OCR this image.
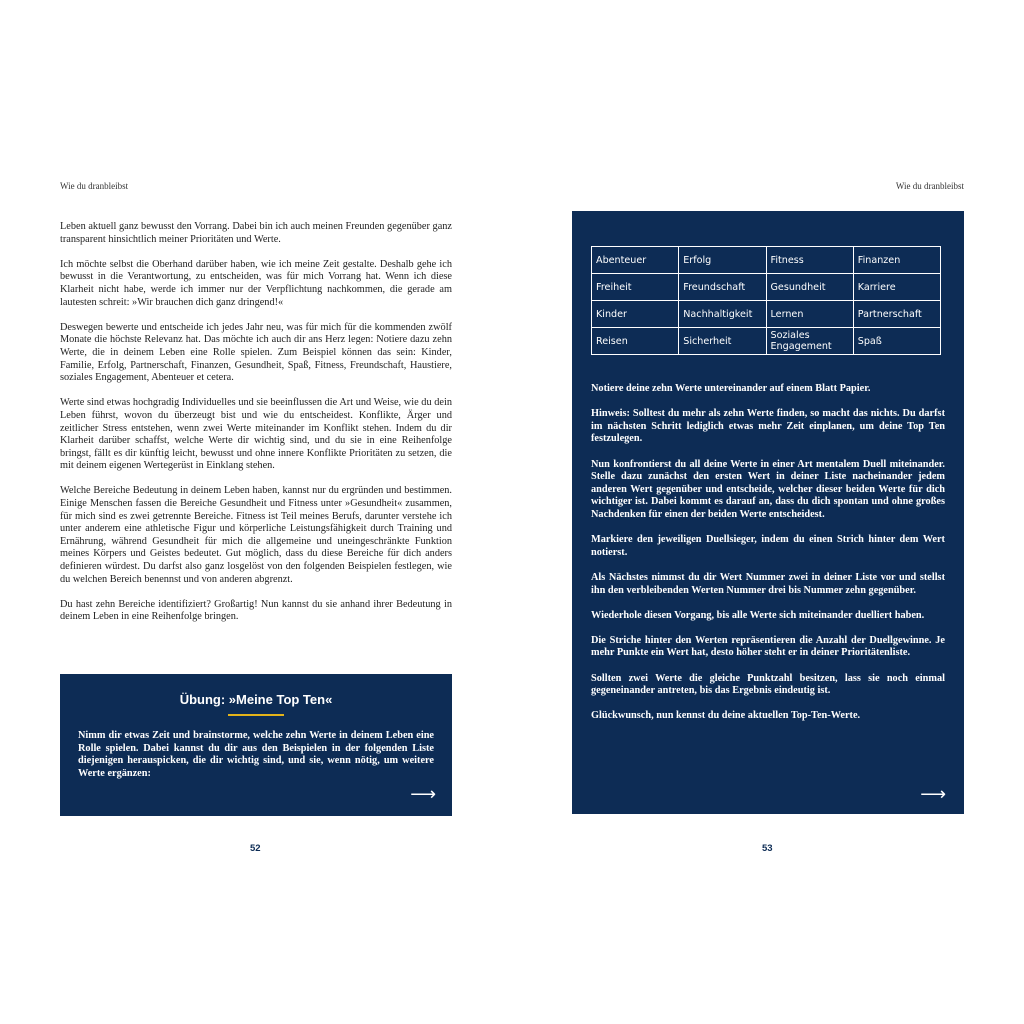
Wie du dranbleibst

Leben aktuell ganz bewusst den Vorrang. Dabei bin ich auch meinen Freunden gegenüber ganz transparent hinsichtlich meiner Prioritäten und Werte.

Ich möchte selbst die Oberhand darüber haben, wie ich meine Zeit gestalte. Deshalb gehe ich bewusst in die Verantwortung, zu entscheiden, was für mich Vorrang hat. Wenn ich diese Klarheit nicht habe, werde ich immer nur der Verpflichtung nachkommen, die gerade am lautesten schreit: »Wir brauchen dich ganz dringend!«

Deswegen bewerte und entscheide ich jedes Jahr neu, was für mich für die kommenden zwölf Monate die höchste Relevanz hat. Das möchte ich auch dir ans Herz legen: Notiere dazu zehn Werte, die in deinem Leben eine Rolle spielen. Zum Beispiel können das sein: Kinder, Familie, Erfolg, Partnerschaft, Finanzen, Gesundheit, Spaß, Fitness, Freundschaft, Haustiere, soziales Engagement, Abenteuer et cetera.

Werte sind etwas hochgradig Individuelles und sie beeinflussen die Art und Weise, wie du dein Leben führst, wovon du überzeugt bist und wie du entscheidest. Konflikte, Ärger und zeitlicher Stress entstehen, wenn zwei Werte miteinander im Konflikt stehen. Indem du dir Klarheit darüber schaffst, welche Werte dir wichtig sind, und du sie in eine Reihenfolge bringst, fällt es dir künftig leicht, bewusst und ohne innere Konflikte Prioritäten zu setzen, die mit deinem eigenen Wertegerüst in Einklang stehen.

Welche Bereiche Bedeutung in deinem Leben haben, kannst nur du ergründen und bestimmen. Einige Menschen fassen die Bereiche Gesundheit und Fitness unter »Gesundheit« zusammen, für mich sind es zwei getrennte Bereiche. Fitness ist Teil meines Berufs, darunter verstehe ich unter anderem eine athletische Figur und körperliche Leistungsfähigkeit durch Training und Ernährung, während Gesundheit für mich die allgemeine und uneingeschränkte Funktion meines Körpers und Geistes bedeutet. Gut möglich, dass du diese Bereiche für dich anders definieren würdest. Du darfst also ganz losgelöst von den folgenden Beispielen festlegen, wie du welchen Bereich benennst und von anderen abgrenzt.

Du hast zehn Bereiche identifiziert? Großartig! Nun kannst du sie anhand ihrer Bedeutung in deinem Leben in eine Reihenfolge bringen.

Übung: »Meine Top Ten«
Nimm dir etwas Zeit und brainstorme, welche zehn Werte in deinem Leben eine Rolle spielen. Dabei kannst du dir aus den Beispielen in der folgenden Liste diejenigen herauspicken, die dir wichtig sind, und sie, wenn nötig, um weitere Werte ergänzen:
⟶
52
Wie du dranbleibst
Abenteuer	Erfolg	Fitness	Finanzen
Freiheit	Freundschaft	Gesundheit	Karriere
Kinder	Nachhaltigkeit	Lernen	Partnerschaft
Reisen	Sicherheit	Soziales Engagement	Spaß

Notiere deine zehn Werte untereinander auf einem Blatt Papier.

Hinweis: Solltest du mehr als zehn Werte finden, so macht das nichts. Du darfst im nächsten Schritt lediglich etwas mehr Zeit einplanen, um deine Top Ten festzulegen.

Nun konfrontierst du all deine Werte in einer Art mentalem Duell miteinander. Stelle dazu zunächst den ersten Wert in deiner Liste nacheinander jedem anderen Wert gegenüber und entscheide, welcher dieser beiden Werte für dich wichtiger ist. Dabei kommt es darauf an, dass du dich spontan und ohne großes Nachdenken für einen der beiden Werte entscheidest.

Markiere den jeweiligen Duellsieger, indem du einen Strich hinter dem Wert notierst.

Als Nächstes nimmst du dir Wert Nummer zwei in deiner Liste vor und stellst ihn den verbleibenden Werten Nummer drei bis Nummer zehn gegenüber.

Wiederhole diesen Vorgang, bis alle Werte sich miteinander duelliert haben.

Die Striche hinter den Werten repräsentieren die Anzahl der Duellgewinne. Je mehr Punkte ein Wert hat, desto höher steht er in deiner Prioritätenliste.

Sollten zwei Werte die gleiche Punktzahl besitzen, lass sie noch einmal gegeneinander antreten, bis das Ergebnis eindeutig ist.

Glückwunsch, nun kennst du deine aktuellen Top-Ten-Werte.

⟶
53
